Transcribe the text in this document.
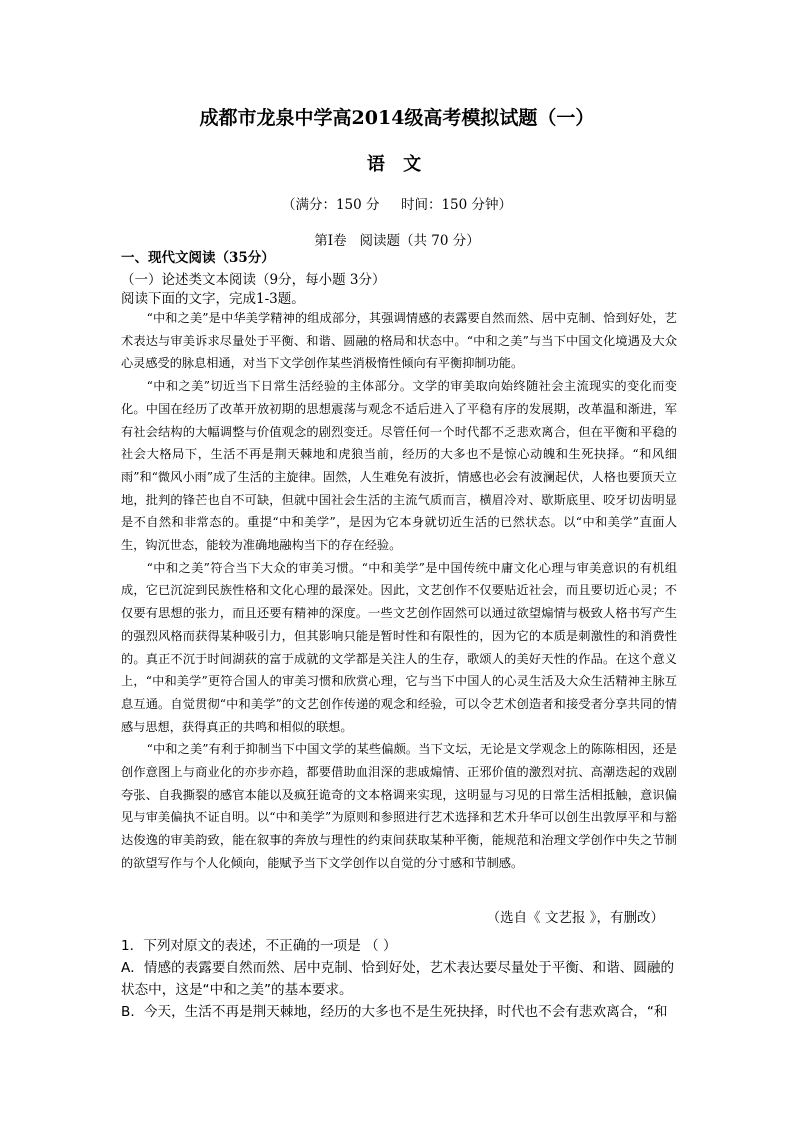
成都市龙泉中学高2014级高考模拟试题（一）
语 文
（满分：150 分     时间：150 分钟）
第Ⅰ卷   阅读题（共 70 分）
一、现代文阅读（35分）
（一）论述类文本阅读（9分，每小题 3分）
阅读下面的文字，完成1-3题。

“中和之美”是中华美学精神的组成部分，其强调情感的表露要自然而然、居中克制、恰到好处，艺术表达与审美诉求尽量处于平衡、和谐、圆融的格局和状态中。“中和之美”与当下中国文化境遇及大众心灵感受的脉息相通，对当下文学创作某些消极惰性倾向有平衡抑制功能。

“中和之美”切近当下日常生活经验的主体部分。文学的审美取向始终随社会主流现实的变化而变化。中国在经历了改革开放初期的思想震荡与观念不适后进入了平稳有序的发展期，改革温和渐进，军有社会结构的大幅调整与价值观念的剧烈变迁。尽管任何一个时代都不乏悲欢离合，但在平衡和平稳的社会大格局下，生活不再是荆天棘地和虎狼当前，经历的大多也不是惊心动魄和生死抉择。“和风细雨”和“微风小雨”成了生活的主旋律。固然，人生难免有波折，情感也必会有波澜起伏，人格也要顶天立地，批判的锋芒也自不可缺，但就中国社会生活的主流气质而言，横眉冷对、歇斯底里、咬牙切齿明显是不自然和非常态的。重提“中和美学”，是因为它本身就切近生活的已然状态。以“中和美学”直面人生，钩沉世态，能较为准确地融构当下的存在经验。

“中和之美”符合当下大众的审美习惯。“中和美学”是中国传统中庸文化心理与审美意识的有机组成，它已沉淀到民族性格和文化心理的最深处。因此，文艺创作不仅要贴近社会，而且要切近心灵；不仅要有思想的张力，而且还要有精神的深度。一些文艺创作固然可以通过欲望煽情与极致人格书写产生的强烈风格而获得某种吸引力，但其影响只能是暂时性和有限性的，因为它的本质是刺激性的和消费性的。真正不沉于时间湖荻的富于成就的文学都是关注人的生存，歌颂人的美好天性的作品。在这个意义上，“中和美学”更符合国人的审美习惯和欣赏心理，它与当下中国人的心灵生活及大众生活精神主脉互息互通。自觉贯彻“中和美学”的文艺创作传递的观念和经验，可以令艺术创造者和接受者分享共同的情感与思想，获得真正的共鸣和相似的联想。

“中和之美”有利于抑制当下中国文学的某些偏颇。当下文坛，无论是文学观念上的陈陈相因，还是创作意图上与商业化的亦步亦趋，都要借助血泪深的悲戚煽情、正邪价值的激烈对抗、高潮迭起的戏剧夸张、自我撕裂的感官本能以及疯狂诡奇的文本格调来实现，这明显与习见的日常生活相抵触，意识偏见与审美偏执不证自明。以“中和美学”为原则和参照进行艺术选择和艺术升华可以创生出敦厚平和与豁达俊逸的审美韵致，能在叙事的奔放与理性的约束间获取某种平衡，能规范和治理文学创作中失之节制的欲望写作与个人化倾向，能赋予当下文学创作以自觉的分寸感和节制感。

（选自《 文艺报 》，有删改）
1．下列对原文的表述，不正确的一项是 （ ）
A．情感的表露要自然而然、居中克制、恰到好处，艺术表达要尽量处于平衡、和谐、圆融的状态中，这是“中和之美”的基本要求。
B．今天，生活不再是荆天棘地，经历的大多也不是生死抉择，时代也不会有悲欢离合，“和
